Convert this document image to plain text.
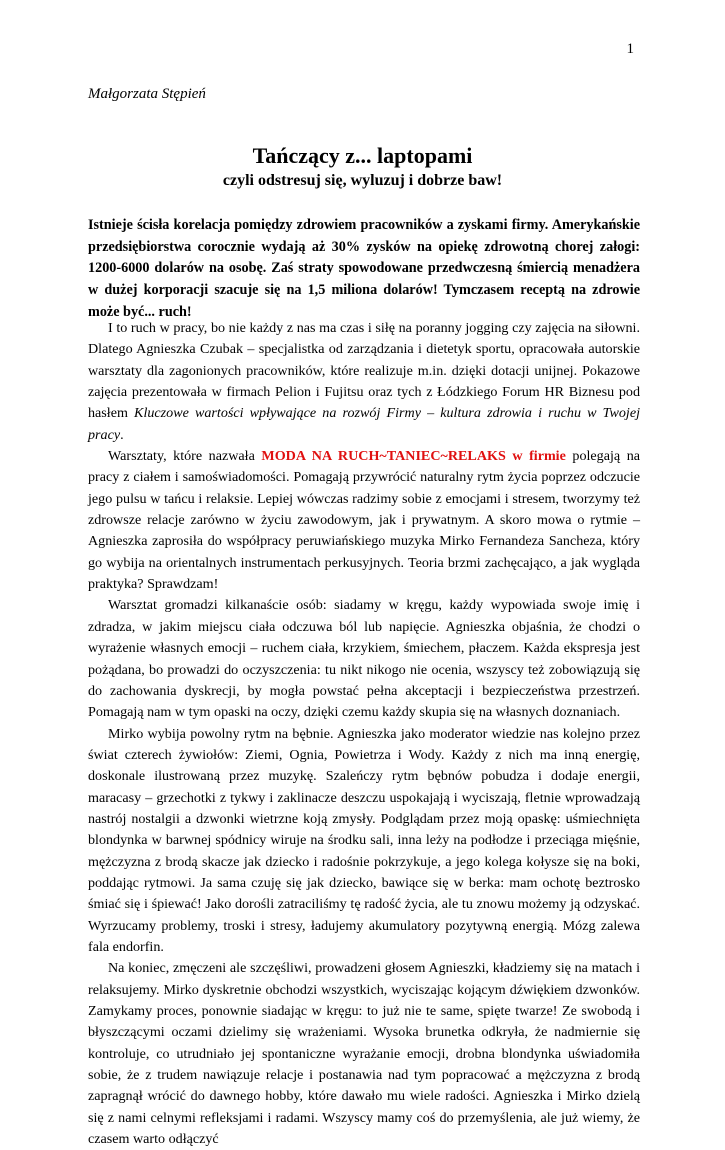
1
Małgorzata Stępień
Tańczący z... laptopami
czyli odstresuj się, wyluzuj i dobrze baw!

Istnieje ścisła korelacja pomiędzy zdrowiem pracowników a zyskami firmy. Amerykańskie przedsiębiorstwa corocznie wydają aż 30% zysków na opiekę zdrowotną chorej załogi: 1200-6000 dolarów na osobę. Zaś straty spowodowane przedwczesną śmiercią menadżera w dużej korporacji szacuje się na 1,5 miliona dolarów! Tymczasem receptą na zdrowie może być... ruch!

I to ruch w pracy, bo nie każdy z nas ma czas i siłę na poranny jogging czy zajęcia na siłowni. Dlatego Agnieszka Czubak – specjalistka od zarządzania i dietetyk sportu, opracowała autorskie warsztaty dla zagonionych pracowników, które realizuje m.in. dzięki dotacji unijnej. Pokazowe zajęcia prezentowała w firmach Pelion i Fujitsu oraz tych z Łódzkiego Forum HR Biznesu pod hasłem Kluczowe wartości wpływające na rozwój Firmy – kultura zdrowia i ruchu w Twojej pracy.

Warsztaty, które nazwała MODA NA RUCH~TANIEC~RELAKS w firmie polegają na pracy z ciałem i samoświadomości. Pomagają przywrócić naturalny rytm życia poprzez odczucie jego pulsu w tańcu i relaksie. Lepiej wówczas radzimy sobie z emocjami i stresem, tworzymy też zdrowsze relacje zarówno w życiu zawodowym, jak i prywatnym. A skoro mowa o rytmie – Agnieszka zaprosiła do współpracy peruwiańskiego muzyka Mirko Fernandeza Sancheza, który go wybija na orientalnych instrumentach perkusyjnych. Teoria brzmi zachęcająco, a jak wygląda praktyka? Sprawdzam!

Warsztat gromadzi kilkanaście osób: siadamy w kręgu, każdy wypowiada swoje imię i zdradza, w jakim miejscu ciała odczuwa ból lub napięcie. Agnieszka objaśnia, że chodzi o wyrażenie własnych emocji – ruchem ciała, krzykiem, śmiechem, płaczem. Każda ekspresja jest pożądana, bo prowadzi do oczyszczenia: tu nikt nikogo nie ocenia, wszyscy też zobowiązują się do zachowania dyskrecji, by mogła powstać pełna akceptacji i bezpieczeństwa przestrzeń. Pomagają nam w tym opaski na oczy, dzięki czemu każdy skupia się na własnych doznaniach.

Mirko wybija powolny rytm na bębnie. Agnieszka jako moderator wiedzie nas kolejno przez świat czterech żywiołów: Ziemi, Ognia, Powietrza i Wody. Każdy z nich ma inną energię, doskonale ilustrowaną przez muzykę. Szaleńczy rytm bębnów pobudza i dodaje energii, maracasy – grzechotki z tykwy i zaklinacze deszczu uspokajają i wyciszają, fletnie wprowadzają nastrój nostalgii a dzwonki wietrzne koją zmysły. Podglądam przez moją opaskę: uśmiechnięta blondynka w barwnej spódnicy wiruje na środku sali, inna leży na podłodze i przeciąga mięśnie, mężczyzna z brodą skacze jak dziecko i radośnie pokrzykuje, a jego kolega kołysze się na boki, poddając rytmowi. Ja sama czuję się jak dziecko, bawiące się w berka: mam ochotę beztrosko śmiać się i śpiewać! Jako dorośli zatraciliśmy tę radość życia, ale tu znowu możemy ją odzyskać. Wyrzucamy problemy, troski i stresy, ładujemy akumulatory pozytywną energią. Mózg zalewa fala endorfin.

Na koniec, zmęczeni ale szczęśliwi, prowadzeni głosem Agnieszki, kładziemy się na matach i relaksujemy. Mirko dyskretnie obchodzi wszystkich, wyciszając kojącym dźwiękiem dzwonków. Zamykamy proces, ponownie siadając w kręgu: to już nie te same, spięte twarze! Ze swobodą i błyszczącymi oczami dzielimy się wrażeniami. Wysoka brunetka odkryła, że nadmiernie się kontroluje, co utrudniało jej spontaniczne wyrażanie emocji, drobna blondynka uświadomiła sobie, że z trudem nawiązuje relacje i postanawia nad tym popracować a mężczyzna z brodą zapragnął wrócić do dawnego hobby, które dawało mu wiele radości. Agnieszka i Mirko dzielą się z nami celnymi refleksjami i radami. Wszyscy mamy coś do przemyślenia, ale już wiemy, że czasem warto odłączyć
